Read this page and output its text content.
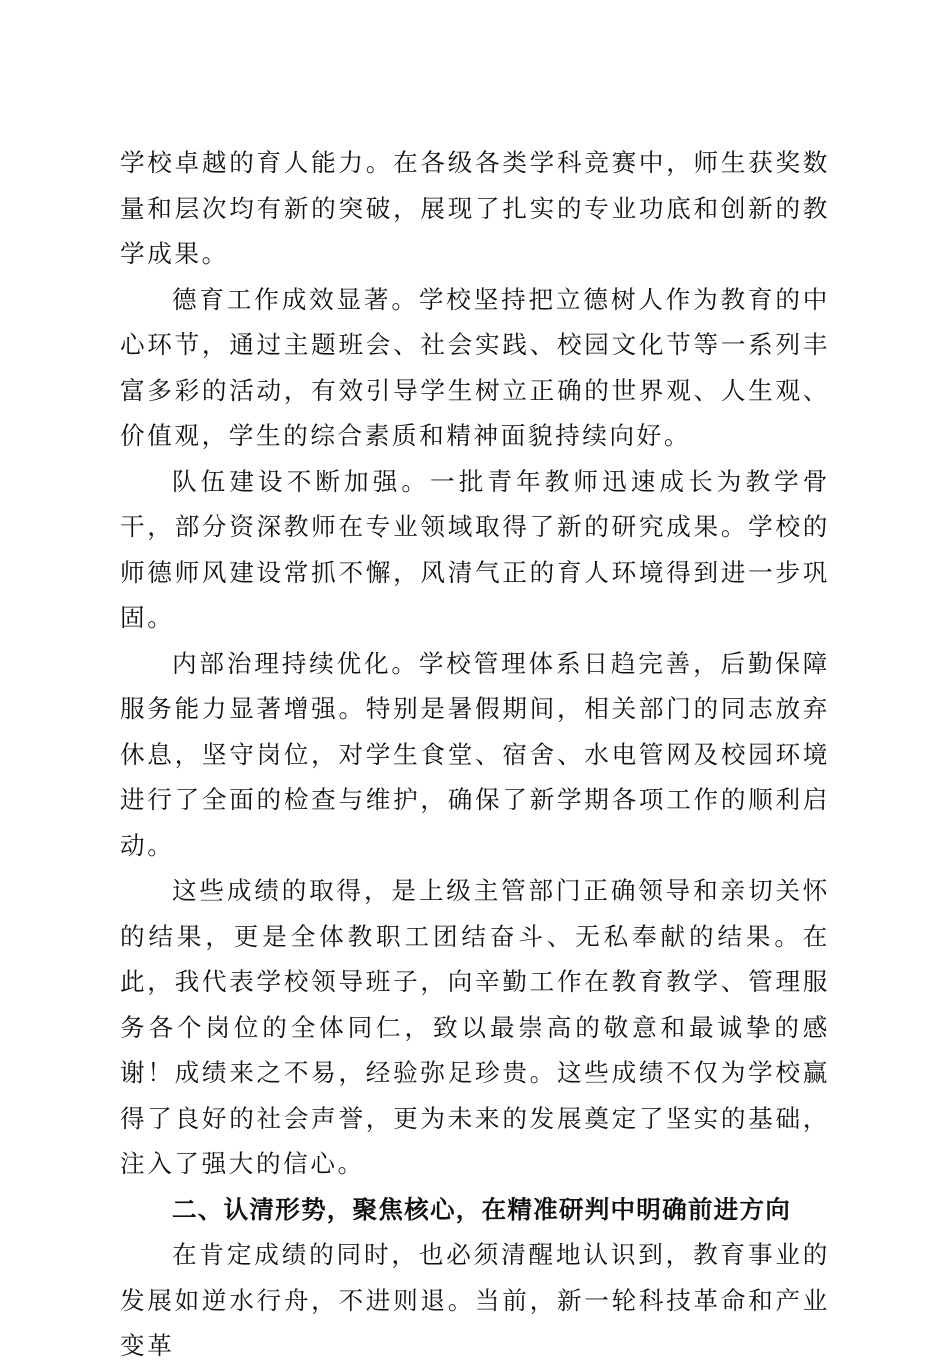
学校卓越的育人能力。在各级各类学科竞赛中，师生获奖数量和层次均有新的突破，展现了扎实的专业功底和创新的教学成果。

德育工作成效显著。学校坚持把立德树人作为教育的中心环节，通过主题班会、社会实践、校园文化节等一系列丰富多彩的活动，有效引导学生树立正确的世界观、人生观、价值观，学生的综合素质和精神面貌持续向好。

队伍建设不断加强。一批青年教师迅速成长为教学骨干，部分资深教师在专业领域取得了新的研究成果。学校的师德师风建设常抓不懈，风清气正的育人环境得到进一步巩固。

内部治理持续优化。学校管理体系日趋完善，后勤保障服务能力显著增强。特别是暑假期间，相关部门的同志放弃休息，坚守岗位，对学生食堂、宿舍、水电管网及校园环境进行了全面的检查与维护，确保了新学期各项工作的顺利启动。

这些成绩的取得，是上级主管部门正确领导和亲切关怀的结果，更是全体教职工团结奋斗、无私奉献的结果。在此，我代表学校领导班子，向辛勤工作在教育教学、管理服务各个岗位的全体同仁，致以最崇高的敬意和最诚挚的感谢！成绩来之不易，经验弥足珍贵。这些成绩不仅为学校赢得了良好的社会声誉，更为未来的发展奠定了坚实的基础，注入了强大的信心。

二、认清形势，聚焦核心，在精准研判中明确前进方向

在肯定成绩的同时，也必须清醒地认识到，教育事业的发展如逆水行舟，不进则退。当前，新一轮科技革命和产业变革
